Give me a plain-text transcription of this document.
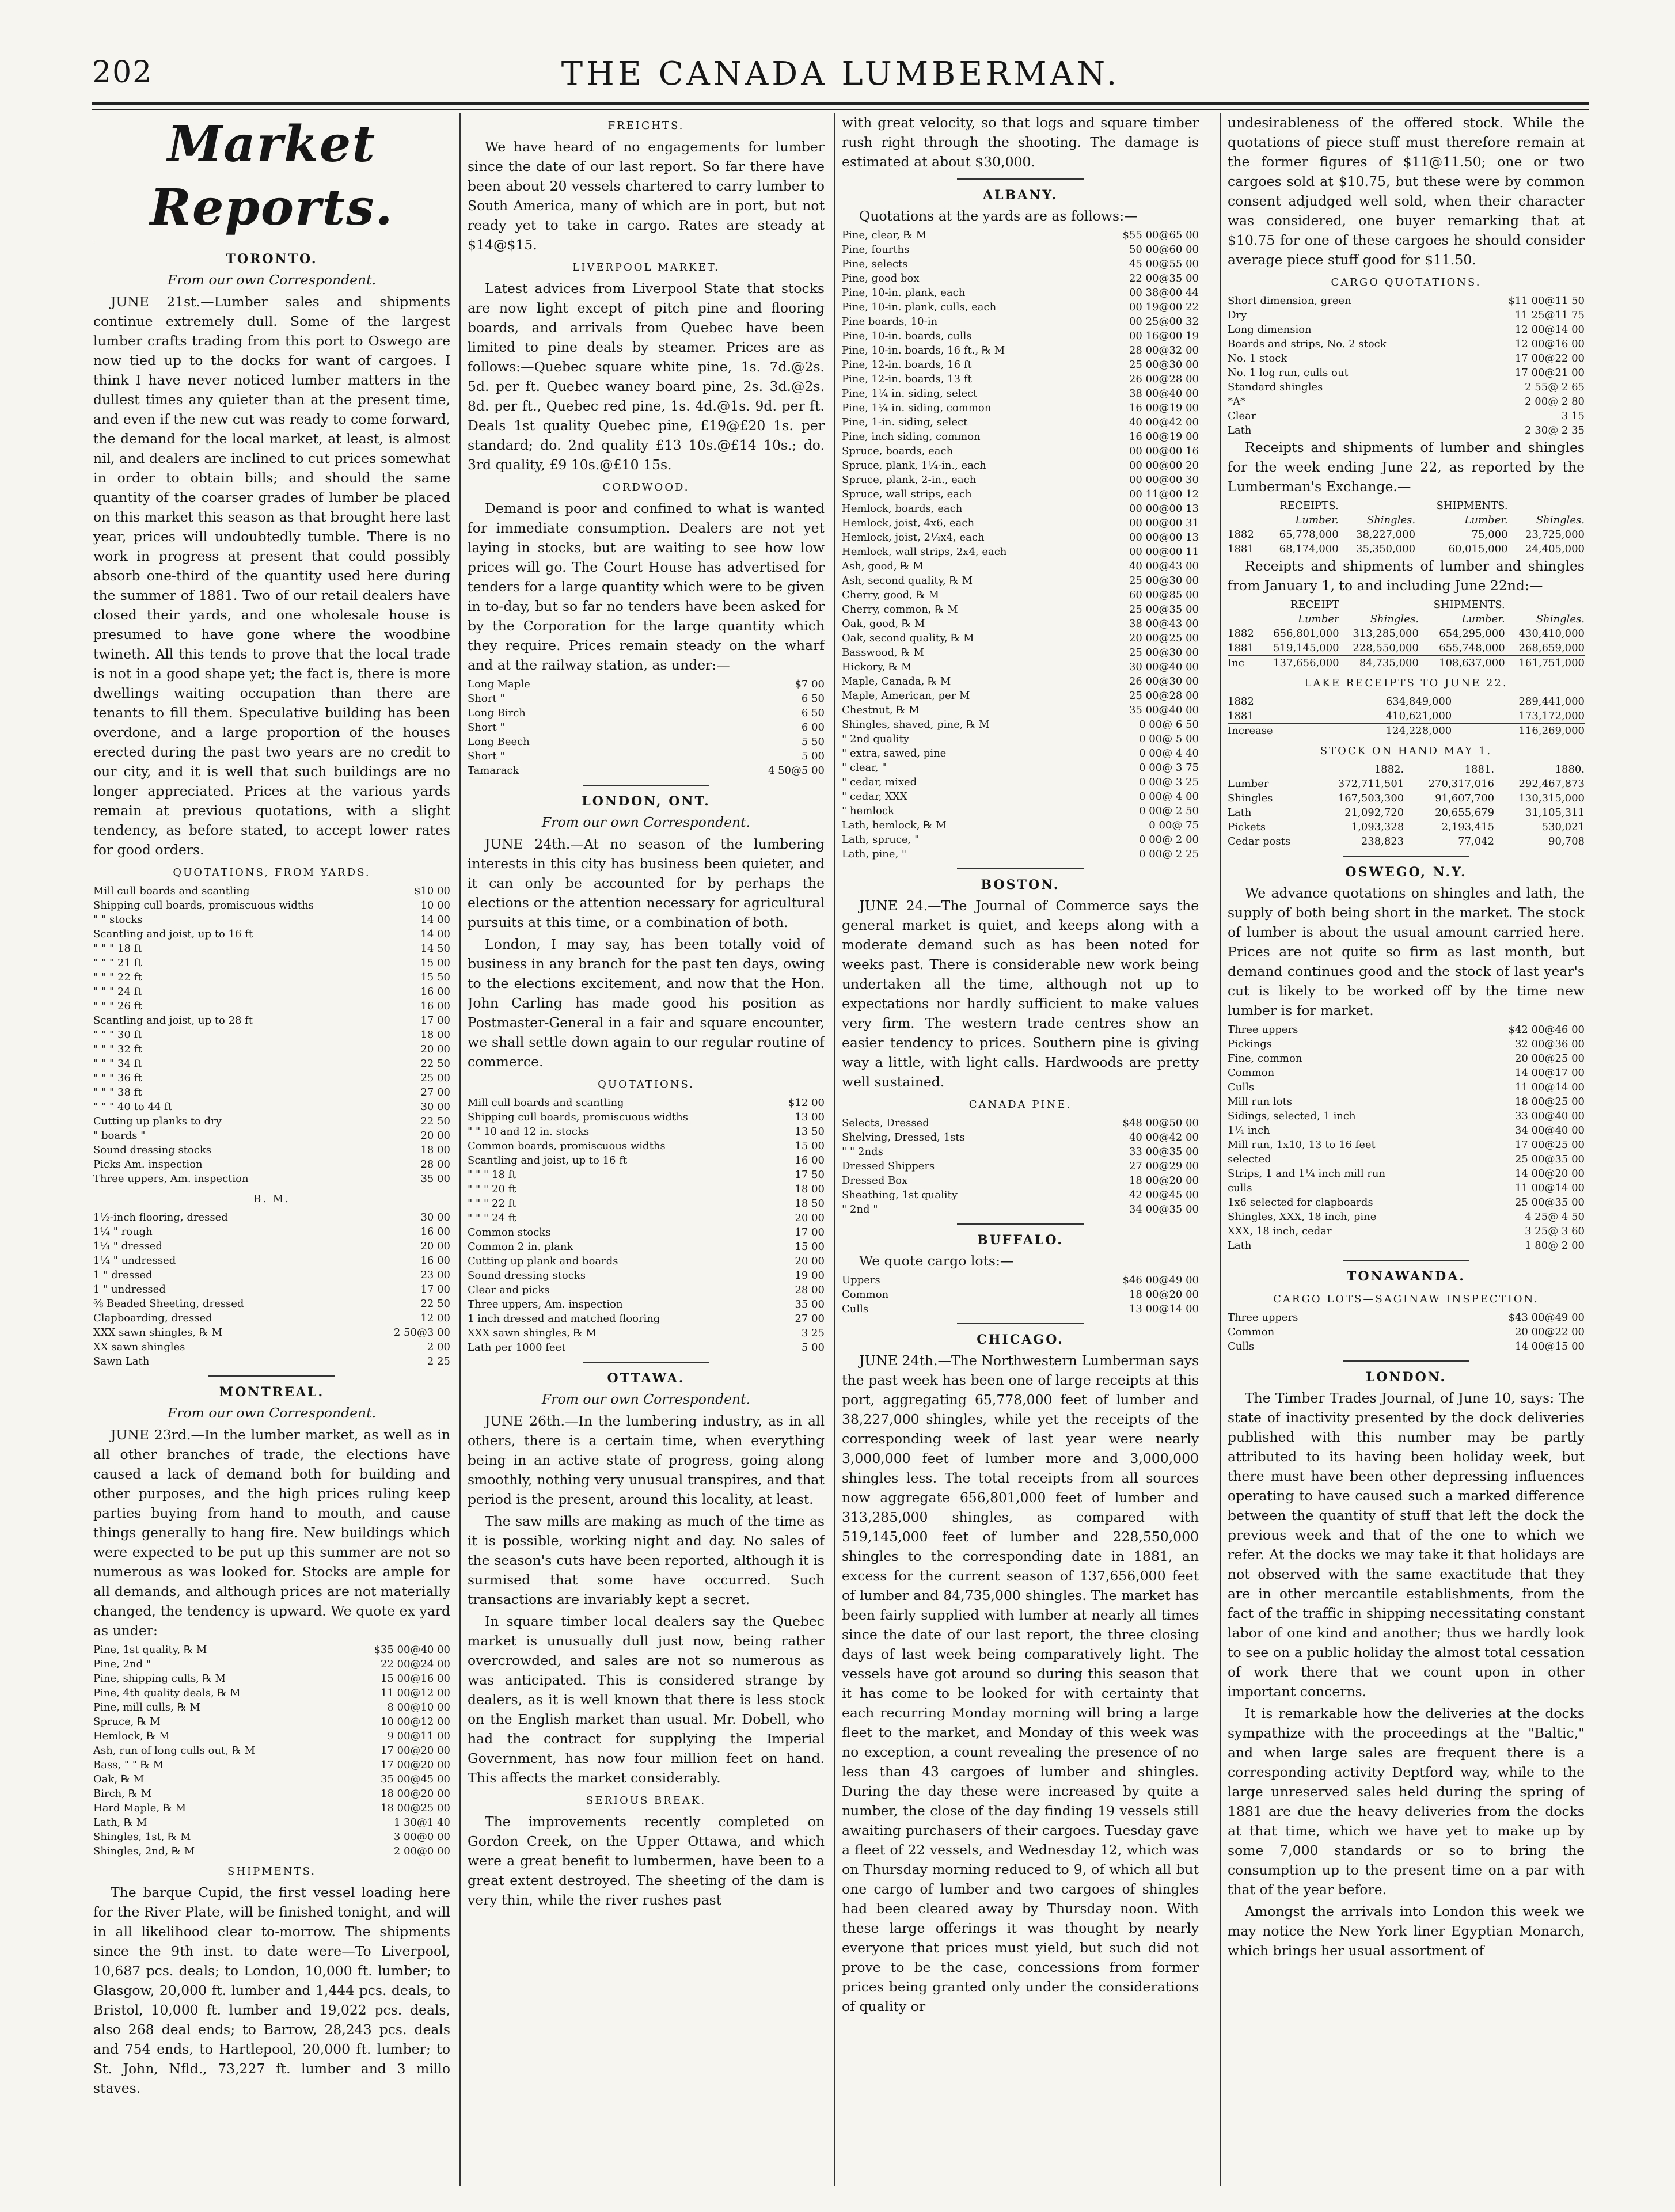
202	THE CANADA LUMBERMAN.
Market Reports.
TORONTO.
From our own Correspondent.

JUNE 21st.—Lumber sales and shipments continue extremely dull. Some of the largest lumber crafts trading from this port to Oswego are now tied up to the docks for want of cargoes. I think I have never noticed lumber matters in the dullest times any quieter than at the present time, and even if the new cut was ready to come forward, the demand for the local market, at least, is almost nil, and dealers are inclined to cut prices somewhat in order to obtain bills; and should the same quantity of the coarser grades of lumber be placed on this market this season as that brought here last year, prices will undoubtedly tumble. There is no work in progress at present that could possibly absorb one-third of the quantity used here during the summer of 1881. Two of our retail dealers have closed their yards, and one wholesale house is presumed to have gone where the woodbine twineth. All this tends to prove that the local trade is not in a good shape yet; the fact is, there is more dwellings waiting occupation than there are tenants to fill them. Speculative building has been overdone, and a large proportion of the houses erected during the past two years are no credit to our city, and it is well that such buildings are no longer appreciated. Prices at the various yards remain at previous quotations, with a slight tendency, as before stated, to accept lower rates for good orders.

QUOTATIONS, FROM YARDS.
Mill cull boards and scantling	$10 00
Shipping cull boards, promiscuous widths	10 00
" " stocks	14 00
Scantling and joist, up to 16 ft	14 00
" " " 18 ft	14 50
" " " 21 ft	15 00
" " " 22 ft	15 50
" " " 24 ft	16 00
" " " 26 ft	16 00
Scantling and joist, up to 28 ft	17 00
" " " 30 ft	18 00
" " " 32 ft	20 00
" " " 34 ft	22 50
" " " 36 ft	25 00
" " " 38 ft	27 00
" " " 40 to 44 ft	30 00
Cutting up planks to dry	22 50
" boards "	20 00
Sound dressing stocks	18 00
Picks Am. inspection	28 00
Three uppers, Am. inspection	35 00
B. M.
1½-inch flooring, dressed	30 00
1¼ " rough	16 00
1¼ " dressed	20 00
1¼ " undressed	16 00
1 " dressed	23 00
1 " undressed	17 00
⅝ Beaded Sheeting, dressed	22 50
Clapboarding, dressed	12 00
XXX sawn shingles, ℞ M	2 50@3 00
XX sawn shingles	2 00
Sawn Lath	2 25
MONTREAL.
From our own Correspondent.

JUNE 23rd.—In the lumber market, as well as in all other branches of trade, the elections have caused a lack of demand both for building and other purposes, and the high prices ruling keep parties buying from hand to mouth, and cause things generally to hang fire. New buildings which were expected to be put up this summer are not so numerous as was looked for. Stocks are ample for all demands, and although prices are not materially changed, the tendency is upward. We quote ex yard as under:

Pine, 1st quality, ℞ M	$35 00@40 00
Pine, 2nd "	22 00@24 00
Pine, shipping culls, ℞ M	15 00@16 00
Pine, 4th quality deals, ℞ M	11 00@12 00
Pine, mill culls, ℞ M	8 00@10 00
Spruce, ℞ M	10 00@12 00
Hemlock, ℞ M	9 00@11 00
Ash, run of long culls out, ℞ M	17 00@20 00
Bass, " " ℞ M	17 00@20 00
Oak, ℞ M	35 00@45 00
Birch, ℞ M	18 00@20 00
Hard Maple, ℞ M	18 00@25 00
Lath, ℞ M	1 30@1 40
Shingles, 1st, ℞ M	3 00@0 00
Shingles, 2nd, ℞ M	2 00@0 00
SHIPMENTS.

The barque Cupid, the first vessel loading here for the River Plate, will be finished tonight, and will in all likelihood clear to-morrow. The shipments since the 9th inst. to date were—To Liverpool, 10,687 pcs. deals; to London, 10,000 ft. lumber; to Glasgow, 20,000 ft. lumber and 1,444 pcs. deals, to Bristol, 10,000 ft. lumber and 19,022 pcs. deals, also 268 deal ends; to Barrow, 28,243 pcs. deals and 754 ends, to Hartlepool, 20,000 ft. lumber; to St. John, Nfld., 73,227 ft. lumber and 3 millo staves.

FREIGHTS.

We have heard of no engagements for lumber since the date of our last report. So far there have been about 20 vessels chartered to carry lumber to South America, many of which are in port, but not ready yet to take in cargo. Rates are steady at $14@$15.

LIVERPOOL MARKET.

Latest advices from Liverpool State that stocks are now light except of pitch pine and flooring boards, and arrivals from Quebec have been limited to pine deals by steamer. Prices are as follows:—Quebec square white pine, 1s. 7d.@2s. 5d. per ft. Quebec waney board pine, 2s. 3d.@2s. 8d. per ft., Quebec red pine, 1s. 4d.@1s. 9d. per ft. Deals 1st quality Quebec pine, £19@£20 1s. per standard; do. 2nd quality £13 10s.@£14 10s.; do. 3rd quality, £9 10s.@£10 15s.

CORDWOOD.

Demand is poor and confined to what is wanted for immediate consumption. Dealers are not yet laying in stocks, but are waiting to see how low prices will go. The Court House has advertised for tenders for a large quantity which were to be given in to-day, but so far no tenders have been asked for by the Corporation for the large quantity which they require. Prices remain steady on the wharf and at the railway station, as under:—

Long Maple	$7 00
Short "	6 50
Long Birch	6 50
Short "	6 00
Long Beech	5 50
Short "	5 00
Tamarack	4 50@5 00
LONDON, ONT.
From our own Correspondent.

JUNE 24th.—At no season of the lumbering interests in this city has business been quieter, and it can only be accounted for by perhaps the elections or the attention necessary for agricultural pursuits at this time, or a combination of both.

London, I may say, has been totally void of business in any branch for the past ten days, owing to the elections excitement, and now that the Hon. John Carling has made good his position as Postmaster-General in a fair and square encounter, we shall settle down again to our regular routine of commerce.

QUOTATIONS.
Mill cull boards and scantling	$12 00
Shipping cull boards, promiscuous widths	13 00
" " 10 and 12 in. stocks	13 50
Common boards, promiscuous widths	15 00
Scantling and joist, up to 16 ft	16 00
" " " 18 ft	17 50
" " " 20 ft	18 00
" " " 22 ft	18 50
" " " 24 ft	20 00
Common stocks	17 00
Common 2 in. plank	15 00
Cutting up plank and boards	20 00
Sound dressing stocks	19 00
Clear and picks	28 00
Three uppers, Am. inspection	35 00
1 inch dressed and matched flooring	27 00
XXX sawn shingles, ℞ M	3 25
Lath per 1000 feet	5 00
OTTAWA.
From our own Correspondent.

JUNE 26th.—In the lumbering industry, as in all others, there is a certain time, when everything being in an active state of progress, going along smoothly, nothing very unusual transpires, and that period is the present, around this locality, at least.

The saw mills are making as much of the time as it is possible, working night and day. No sales of the season's cuts have been reported, although it is surmised that some have occurred. Such transactions are invariably kept a secret.

In square timber local dealers say the Quebec market is unusually dull just now, being rather overcrowded, and sales are not so numerous as was anticipated. This is considered strange by dealers, as it is well known that there is less stock on the English market than usual. Mr. Dobell, who had the contract for supplying the Imperial Government, has now four million feet on hand. This affects the market considerably.

SERIOUS BREAK.

The improvements recently completed on Gordon Creek, on the Upper Ottawa, and which were a great benefit to lumbermen, have been to a great extent destroyed. The sheeting of the dam is very thin, while the river rushes past

with great velocity, so that logs and square timber rush right through the shooting. The damage is estimated at about $30,000.

ALBANY.

Quotations at the yards are as follows:—

Pine, clear, ℞ M	$55 00@65 00
Pine, fourths	50 00@60 00
Pine, selects	45 00@55 00
Pine, good box	22 00@35 00
Pine, 10-in. plank, each	00 38@00 44
Pine, 10-in. plank, culls, each	00 19@00 22
Pine boards, 10-in	00 25@00 32
Pine, 10-in. boards, culls	00 16@00 19
Pine, 10-in. boards, 16 ft., ℞ M	28 00@32 00
Pine, 12-in. boards, 16 ft	25 00@30 00
Pine, 12-in. boards, 13 ft	26 00@28 00
Pine, 1¼ in. siding, select	38 00@40 00
Pine, 1¼ in. siding, common	16 00@19 00
Pine, 1-in. siding, select	40 00@42 00
Pine, inch siding, common	16 00@19 00
Spruce, boards, each	00 00@00 16
Spruce, plank, 1¼-in., each	00 00@00 20
Spruce, plank, 2-in., each	00 00@00 30
Spruce, wall strips, each	00 11@00 12
Hemlock, boards, each	00 00@00 13
Hemlock, joist, 4x6, each	00 00@00 31
Hemlock, joist, 2¼x4, each	00 00@00 13
Hemlock, wall strips, 2x4, each	00 00@00 11
Ash, good, ℞ M	40 00@43 00
Ash, second quality, ℞ M	25 00@30 00
Cherry, good, ℞ M	60 00@85 00
Cherry, common, ℞ M	25 00@35 00
Oak, good, ℞ M	38 00@43 00
Oak, second quality, ℞ M	20 00@25 00
Basswood, ℞ M	25 00@30 00
Hickory, ℞ M	30 00@40 00
Maple, Canada, ℞ M	26 00@30 00
Maple, American, per M	25 00@28 00
Chestnut, ℞ M	35 00@40 00
Shingles, shaved, pine, ℞ M	0 00@ 6 50
" 2nd quality	0 00@ 5 00
" extra, sawed, pine	0 00@ 4 40
" clear, "	0 00@ 3 75
" cedar, mixed	0 00@ 3 25
" cedar, XXX	0 00@ 4 00
" hemlock	0 00@ 2 50
Lath, hemlock, ℞ M	0 00@ 75
Lath, spruce, "	0 00@ 2 00
Lath, pine, "	0 00@ 2 25
BOSTON.

JUNE 24.—The Journal of Commerce says the general market is quiet, and keeps along with a moderate demand such as has been noted for weeks past. There is considerable new work being undertaken all the time, although not up to expectations nor hardly sufficient to make values very firm. The western trade centres show an easier tendency to prices. Southern pine is giving way a little, with light calls. Hardwoods are pretty well sustained.

CANADA PINE.
Selects, Dressed	$48 00@50 00
Shelving, Dressed, 1sts	40 00@42 00
" " 2nds	33 00@35 00
Dressed Shippers	27 00@29 00
Dressed Box	18 00@20 00
Sheathing, 1st quality	42 00@45 00
" 2nd "	34 00@35 00
BUFFALO.

We quote cargo lots:—

Uppers	$46 00@49 00
Common	18 00@20 00
Culls	13 00@14 00
CHICAGO.

JUNE 24th.—The Northwestern Lumberman says the past week has been one of large receipts at this port, aggregating 65,778,000 feet of lumber and 38,227,000 shingles, while yet the receipts of the corresponding week of last year were nearly 3,000,000 feet of lumber more and 3,000,000 shingles less. The total receipts from all sources now aggregate 656,801,000 feet of lumber and 313,285,000 shingles, as compared with 519,145,000 feet of lumber and 228,550,000 shingles to the corresponding date in 1881, an excess for the current season of 137,656,000 feet of lumber and 84,735,000 shingles. The market has been fairly supplied with lumber at nearly all times since the date of our last report, the three closing days of last week being comparatively light. The vessels have got around so during this season that it has come to be looked for with certainty that each recurring Monday morning will bring a large fleet to the market, and Monday of this week was no exception, a count revealing the presence of no less than 43 cargoes of lumber and shingles. During the day these were increased by quite a number, the close of the day finding 19 vessels still awaiting purchasers of their cargoes. Tuesday gave a fleet of 22 vessels, and Wednesday 12, which was on Thursday morning reduced to 9, of which all but one cargo of lumber and two cargoes of shingles had been cleared away by Thursday noon. With these large offerings it was thought by nearly everyone that prices must yield, but such did not prove to be the case, concessions from former prices being granted only under the considerations of quality or

undesirableness of the offered stock. While the quotations of piece stuff must therefore remain at the former figures of $11@11.50; one or two cargoes sold at $10.75, but these were by common consent adjudged well sold, when their character was considered, one buyer remarking that at $10.75 for one of these cargoes he should consider average piece stuff good for $11.50.

CARGO QUOTATIONS.
Short dimension, green	$11 00@11 50
Dry	11 25@11 75
Long dimension	12 00@14 00
Boards and strips, No. 2 stock	12 00@16 00
No. 1 stock	17 00@22 00
No. 1 log run, culls out	17 00@21 00
Standard shingles	2 55@ 2 65
*A*	2 00@ 2 80
Clear	3 15
Lath	2 30@ 2 35

Receipts and shipments of lumber and shingles for the week ending June 22, as reported by the Lumberman's Exchange.—

	RECEIPTS.		SHIPMENTS.	
	Lumber.	Shingles.	Lumber.	Shingles.
1882	65,778,000	38,227,000	75,000	23,725,000
1881	68,174,000	35,350,000	60,015,000	24,405,000

Receipts and shipments of lumber and shingles from January 1, to and including June 22nd:—

	RECEIPT		SHIPMENTS.	
	Lumber	Shingles.	Lumber.	Shingles.
1882	656,801,000	313,285,000	654,295,000	430,410,000
1881	519,145,000	228,550,000	655,748,000	268,659,000
Inc	137,656,000	84,735,000	108,637,000	161,751,000
LAKE RECEIPTS TO JUNE 22.
1882	634,849,000	289,441,000
1881	410,621,000	173,172,000
Increase	124,228,000	116,269,000
STOCK ON HAND MAY 1.
	1882.	1881.	1880.
Lumber	372,711,501	270,317,016	292,467,873
Shingles	167,503,300	91,607,700	130,315,000
Lath	21,092,720	20,655,679	31,105,311
Pickets	1,093,328	2,193,415	530,021
Cedar posts	238,823	77,042	90,708
OSWEGO, N.Y.

We advance quotations on shingles and lath, the supply of both being short in the market. The stock of lumber is about the usual amount carried here. Prices are not quite so firm as last month, but demand continues good and the stock of last year's cut is likely to be worked off by the time new lumber is for market.

Three uppers	$42 00@46 00
Pickings	32 00@36 00
Fine, common	20 00@25 00
Common	14 00@17 00
Culls	11 00@14 00
Mill run lots	18 00@25 00
Sidings, selected, 1 inch	33 00@40 00
1¼ inch	34 00@40 00
Mill run, 1x10, 13 to 16 feet	17 00@25 00
selected	25 00@35 00
Strips, 1 and 1¼ inch mill run	14 00@20 00
culls	11 00@14 00
1x6 selected for clapboards	25 00@35 00
Shingles, XXX, 18 inch, pine	4 25@ 4 50
XXX, 18 inch, cedar	3 25@ 3 60
Lath	1 80@ 2 00
TONAWANDA.
CARGO LOTS—SAGINAW INSPECTION.
Three uppers	$43 00@49 00
Common	20 00@22 00
Culls	14 00@15 00
LONDON.

The Timber Trades Journal, of June 10, says: The state of inactivity presented by the dock deliveries published with this number may be partly attributed to its having been holiday week, but there must have been other depressing influences operating to have caused such a marked difference between the quantity of stuff that left the dock the previous week and that of the one to which we refer. At the docks we may take it that holidays are not observed with the same exactitude that they are in other mercantile establishments, from the fact of the traffic in shipping necessitating constant labor of one kind and another; thus we hardly look to see on a public holiday the almost total cessation of work there that we count upon in other important concerns.

It is remarkable how the deliveries at the docks sympathize with the proceedings at the "Baltic," and when large sales are frequent there is a corresponding activity Deptford way, while to the large unreserved sales held during the spring of 1881 are due the heavy deliveries from the docks at that time, which we have yet to make up by some 7,000 standards or so to bring the consumption up to the present time on a par with that of the year before.

Amongst the arrivals into London this week we may notice the New York liner Egyptian Monarch, which brings her usual assortment of
